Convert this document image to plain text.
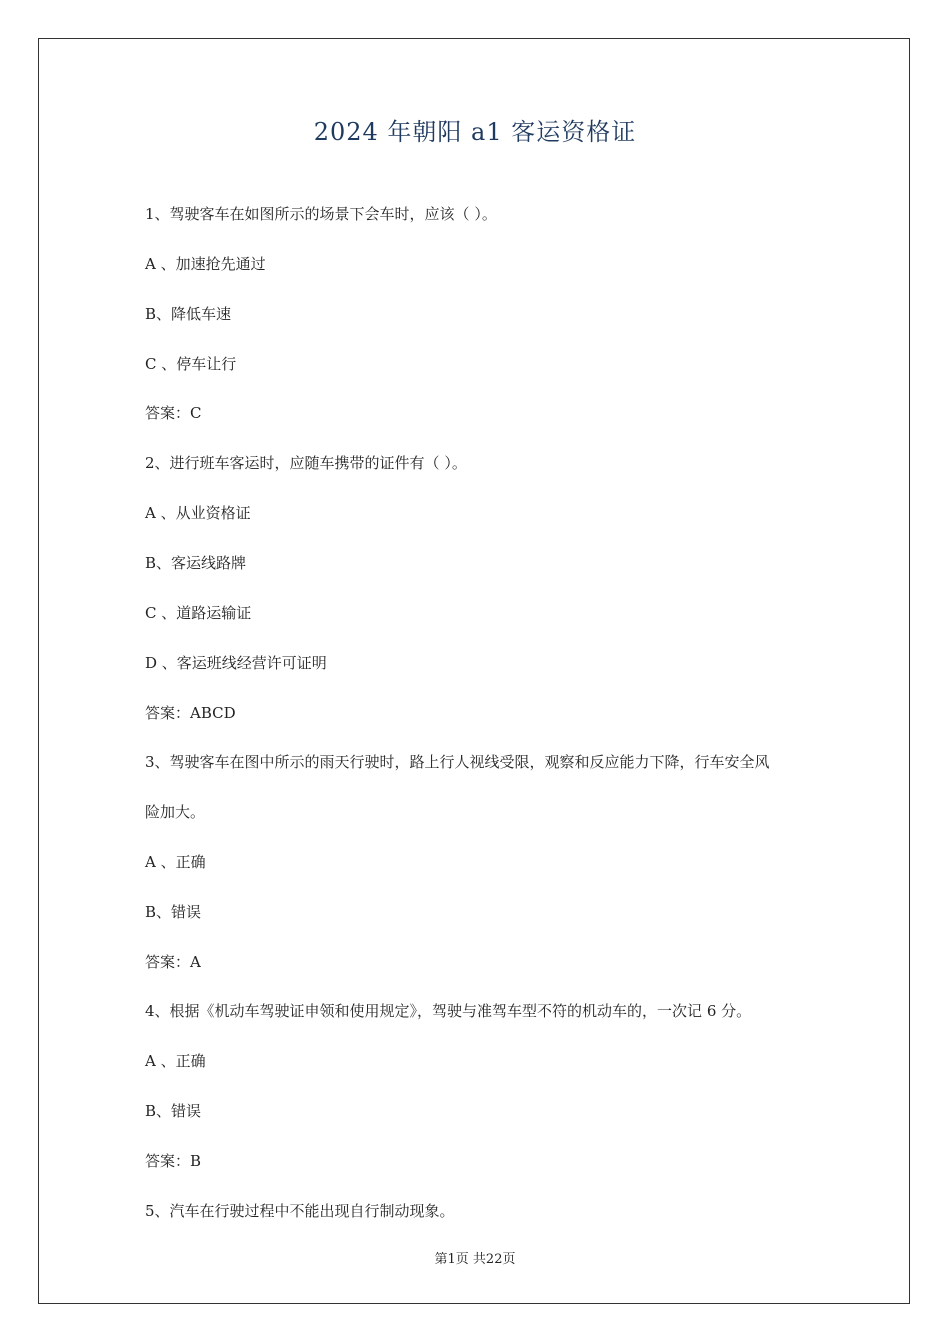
2024 年朝阳 a1 客运资格证
1、驾驶客车在如图所示的场景下会车时，应该（ ）。
A 、加速抢先通过
B、降低车速
C 、停车让行
答案：C
2、进行班车客运时，应随车携带的证件有（ ）。
A 、从业资格证
B、客运线路牌
C 、道路运输证
D 、客运班线经营许可证明
答案：ABCD
3、驾驶客车在图中所示的雨天行驶时，路上行人视线受限，观察和反应能力下降，行车安全风
险加大。
A 、正确
B、错误
答案：A
4、根据《机动车驾驶证申领和使用规定》，驾驶与准驾车型不符的机动车的，一次记 6 分。
A 、正确
B、错误
答案：B
5、汽车在行驶过程中不能出现自行制动现象。
第1页 共22页
